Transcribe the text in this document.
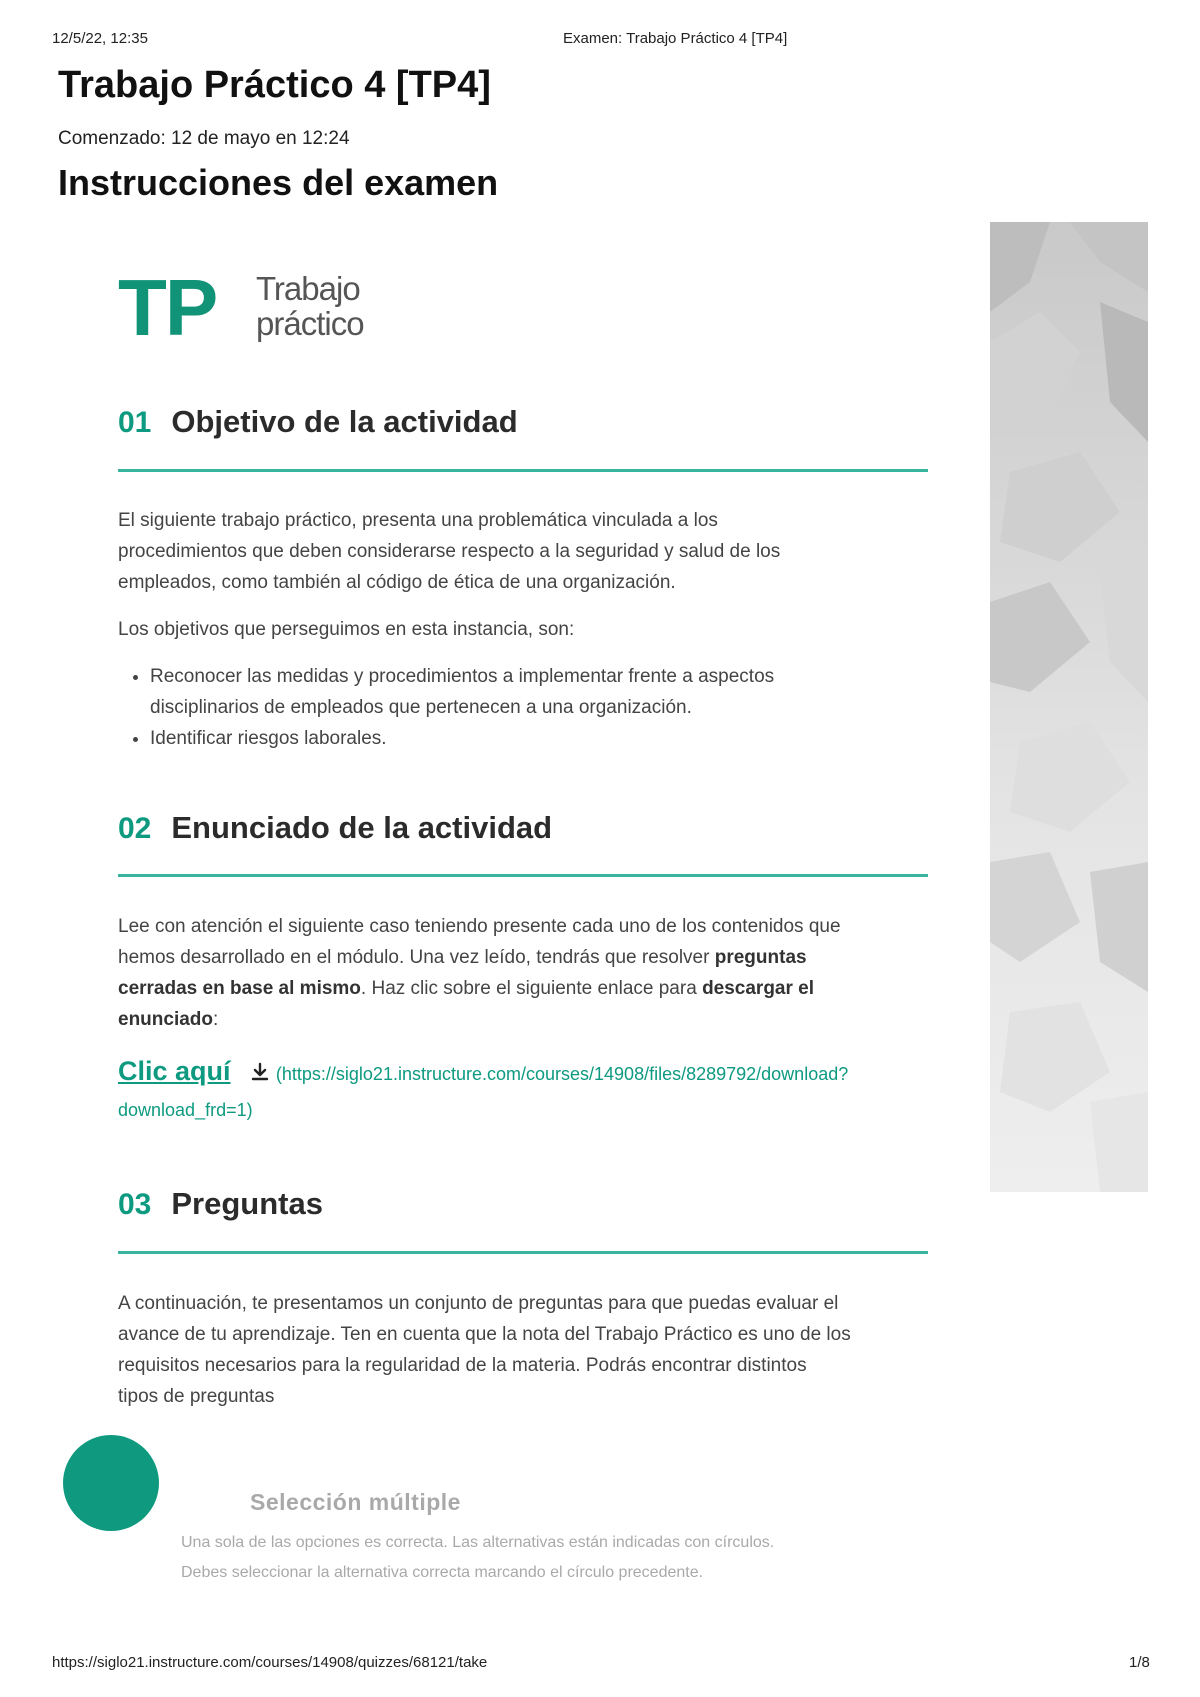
12/5/22, 12:35	Examen: Trabajo Práctico 4 [TP4]
Trabajo Práctico 4 [TP4]
Comenzado: 12 de mayo en 12:24
Instrucciones del examen
TP Trabajo
práctico
01 Objetivo de la actividad
El siguiente trabajo práctico, presenta una problemática vinculada a los
procedimientos que deben considerarse respecto a la seguridad y salud de los
empleados, como también al código de ética de una organización.
Los objetivos que perseguimos en esta instancia, son:
• Reconocer las medidas y procedimientos a implementar frente a aspectos
disciplinarios de empleados que pertenecen a una organización.
• Identificar riesgos laborales.
02 Enunciado de la actividad
Lee con atención el siguiente caso teniendo presente cada uno de los contenidos que
hemos desarrollado en el módulo. Una vez leído, tendrás que resolver preguntas
cerradas en base al mismo. Haz clic sobre el siguiente enlace para descargar el
enunciado:
Clic aquí	(https://siglo21.instructure.com/courses/14908/files/8289792/download?
download_frd=1)
03 Preguntas
A continuación, te presentamos un conjunto de preguntas para que puedas evaluar el
avance de tu aprendizaje. Ten en cuenta que la nota del Trabajo Práctico es uno de los
requisitos necesarios para la regularidad de la materia. Podrás encontrar distintos
tipos de preguntas
Selección múltiple
Una sola de las opciones es correcta. Las alternativas están indicadas con círculos.
Debes seleccionar la alternativa correcta marcando el círculo precedente.
https://siglo21.instructure.com/courses/14908/quizzes/68121/take	1/8
